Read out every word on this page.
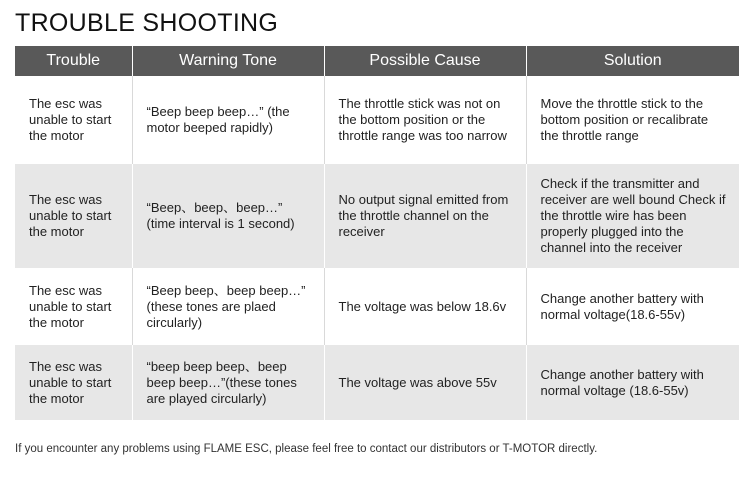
TROUBLE SHOOTING
Trouble	Warning Tone	Possible Cause	Solution
The esc was unable to start the motor	“Beep beep beep…” (the motor beeped rapidly)	The throttle stick was not on the bottom position or the throttle range was too narrow	Move the throttle stick to the bottom position or recalibrate the throttle range
The esc was unable to start the motor	“Beep、beep、beep…” (time interval is 1 second)	No output signal emitted from the throttle channel on the receiver	Check if the transmitter and receiver are well bound Check if the throttle wire has been properly plugged into the channel into the receiver
The esc was unable to start the motor	“Beep beep、beep beep…” (these tones are plaed circularly)	The voltage was below 18.6v	Change another battery with normal voltage(18.6-55v)
The esc was unable to start the motor	“beep beep beep、beep beep beep…”(these tones are played circularly)	The voltage was above 55v	Change another battery with normal voltage (18.6-55v)

If you encounter any problems using FLAME ESC, please feel free to contact our distributors or T-MOTOR directly.
